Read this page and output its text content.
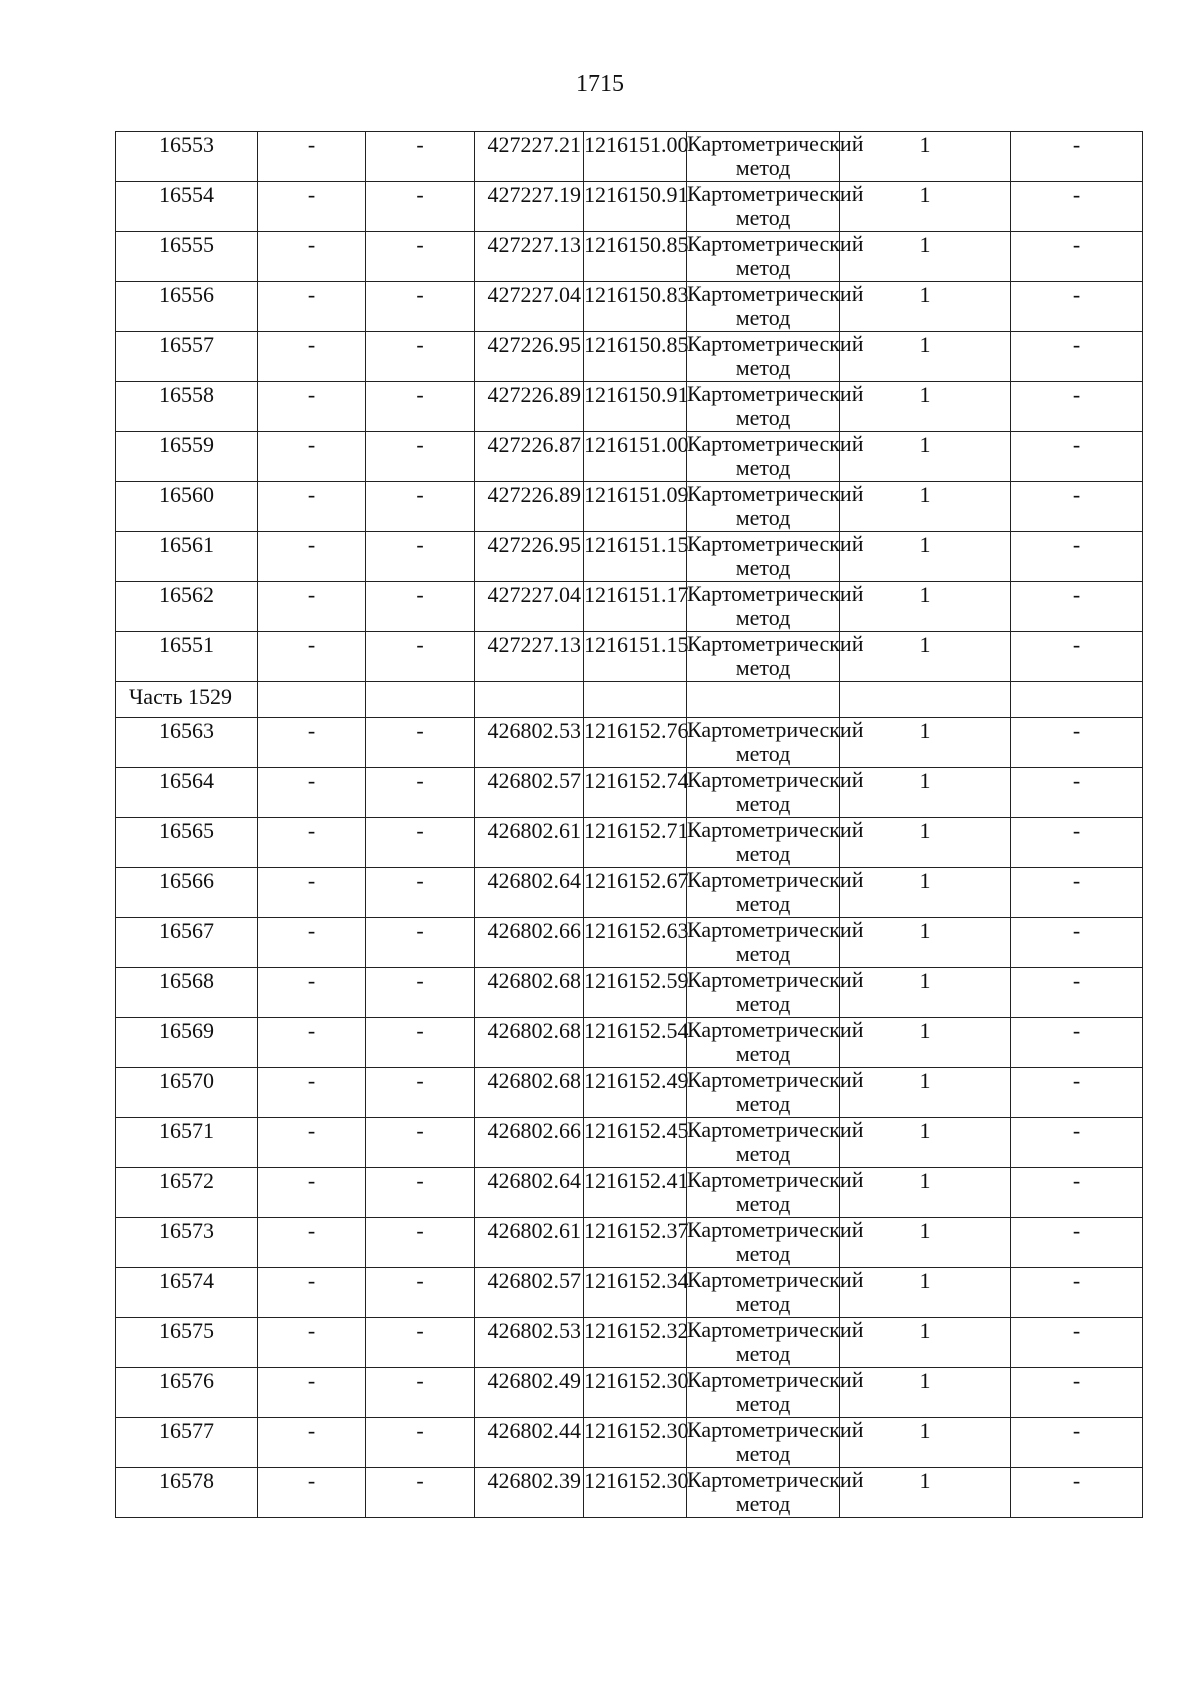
1715
16553	-	-	427227.21	1216151.00	Картометрический метод	1	-
16554	-	-	427227.19	1216150.91	Картометрический метод	1	-
16555	-	-	427227.13	1216150.85	Картометрический метод	1	-
16556	-	-	427227.04	1216150.83	Картометрический метод	1	-
16557	-	-	427226.95	1216150.85	Картометрический метод	1	-
16558	-	-	427226.89	1216150.91	Картометрический метод	1	-
16559	-	-	427226.87	1216151.00	Картометрический метод	1	-
16560	-	-	427226.89	1216151.09	Картометрический метод	1	-
16561	-	-	427226.95	1216151.15	Картометрический метод	1	-
16562	-	-	427227.04	1216151.17	Картометрический метод	1	-
16551	-	-	427227.13	1216151.15	Картометрический метод	1	-
Часть 1529							
16563	-	-	426802.53	1216152.76	Картометрический метод	1	-
16564	-	-	426802.57	1216152.74	Картометрический метод	1	-
16565	-	-	426802.61	1216152.71	Картометрический метод	1	-
16566	-	-	426802.64	1216152.67	Картометрический метод	1	-
16567	-	-	426802.66	1216152.63	Картометрический метод	1	-
16568	-	-	426802.68	1216152.59	Картометрический метод	1	-
16569	-	-	426802.68	1216152.54	Картометрический метод	1	-
16570	-	-	426802.68	1216152.49	Картометрический метод	1	-
16571	-	-	426802.66	1216152.45	Картометрический метод	1	-
16572	-	-	426802.64	1216152.41	Картометрический метод	1	-
16573	-	-	426802.61	1216152.37	Картометрический метод	1	-
16574	-	-	426802.57	1216152.34	Картометрический метод	1	-
16575	-	-	426802.53	1216152.32	Картометрический метод	1	-
16576	-	-	426802.49	1216152.30	Картометрический метод	1	-
16577	-	-	426802.44	1216152.30	Картометрический метод	1	-
16578	-	-	426802.39	1216152.30	Картометрический метод	1	-
